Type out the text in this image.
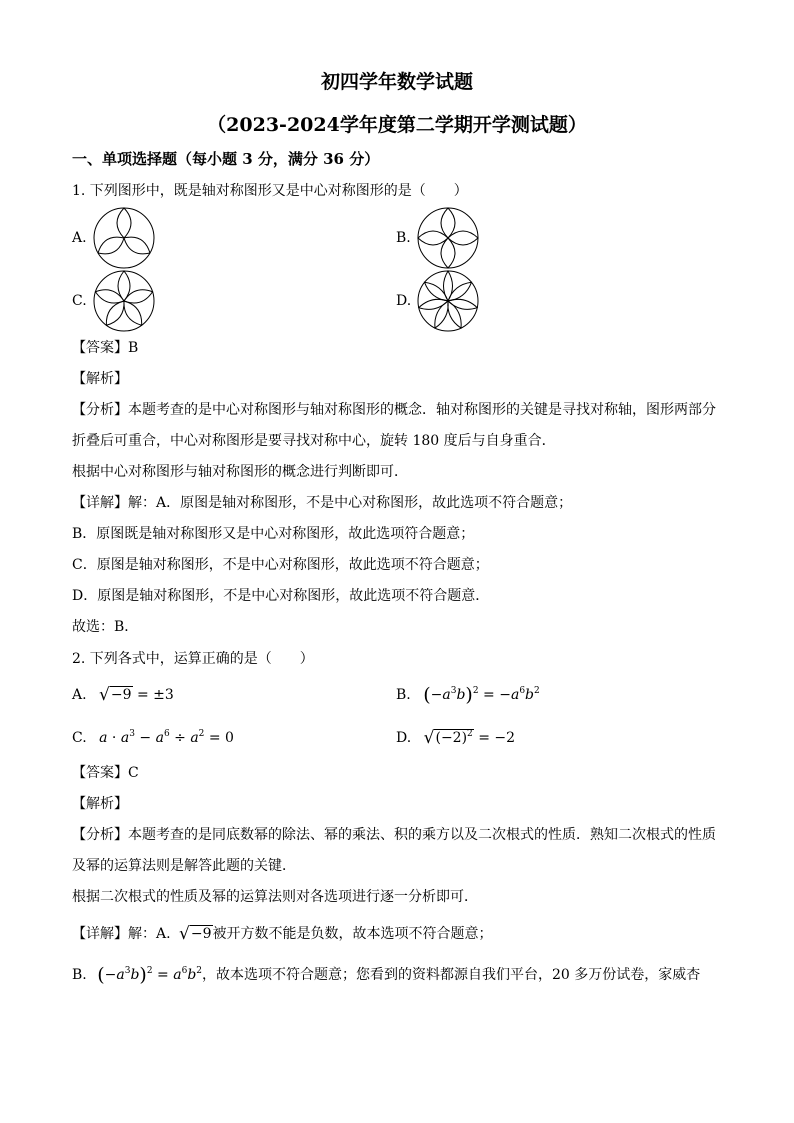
初四学年数学试题
（2023-2024学年度第二学期开学测试题）
一、单项选择题（每小题 3 分，满分 36 分）
1. 下列图形中，既是轴对称图形又是中心对称图形的是（　　）
A.	B.
C.	D.
【答案】B
【解析】
【分析】本题考查的是中心对称图形与轴对称图形的概念．轴对称图形的关键是寻找对称轴，图形两部分
折叠后可重合，中心对称图形是要寻找对称中心，旋转 180 度后与自身重合．
根据中心对称图形与轴对称图形的概念进行判断即可．
【详解】解：A．原图是轴对称图形，不是中心对称图形，故此选项不符合题意；
B．原图既是轴对称图形又是中心对称图形，故此选项符合题意；
C．原图是轴对称图形，不是中心对称图形，故此选项不符合题意；
D．原图是轴对称图形，不是中心对称图形，故此选项不符合题意．
故选：B．
2. 下列各式中，运算正确的是（　　）
A. √−9 = ±3	B. $(-a^3b)^2 = -a^6b^2$
C. $a \cdot a^3 - a^6 \div a^2 = 0$	D. $√(-2)^2 = -2$
【答案】C
【解析】
【分析】本题考查的是同底数幂的除法、幂的乘法、积的乘方以及二次根式的性质．熟知二次根式的性质
及幂的运算法则是解答此题的关键．
根据二次根式的性质及幂的运算法则对各选项进行逐一分析即可．
【详解】解：A. √−9被开方数不能是负数，故本选项不符合题意；
B. $(-a^3b)^2 = a^6b^2$，故本选项不符合题意；您看到的资料都源自我们平台，20 多万份试卷，家威杏
